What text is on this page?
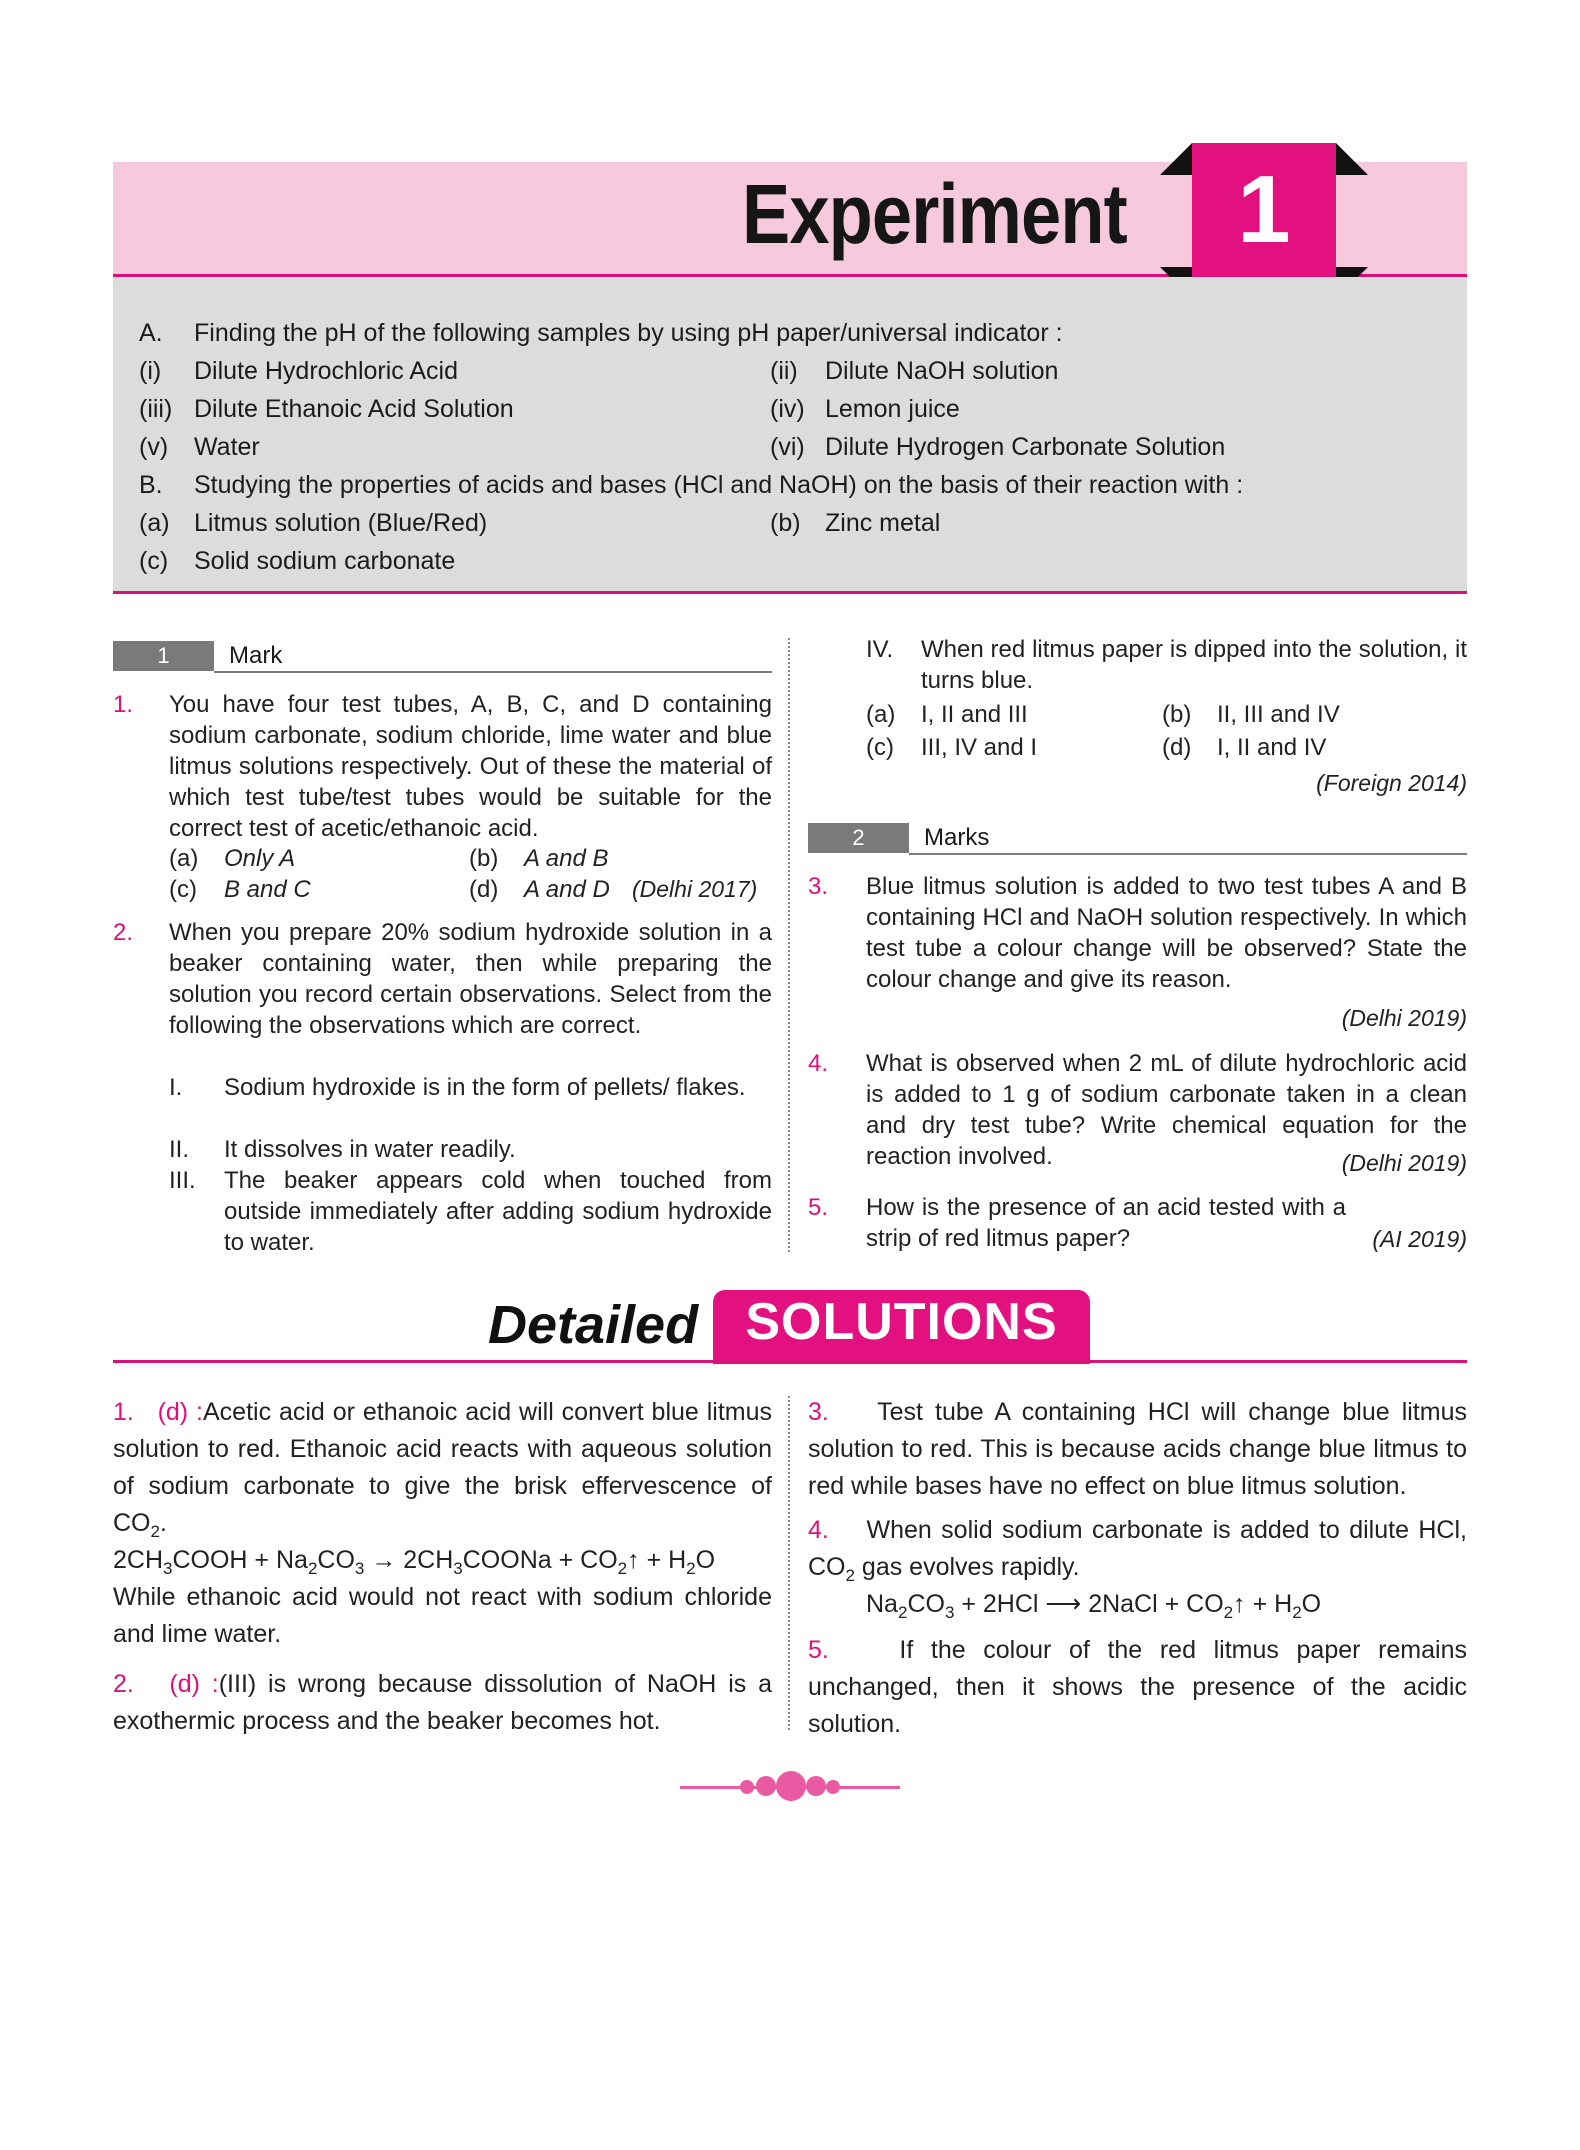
Experiment	1
A. Finding the pH of the following samples by using pH paper/universal indicator :
(i) Dilute Hydrochloric Acid	(ii) Dilute NaOH solution
(iii) Dilute Ethanoic Acid Solution	(iv) Lemon juice
(v) Water	(vi) Dilute Hydrogen Carbonate Solution
B. Studying the properties of acids and bases (HCl and NaOH) on the basis of their reaction with :
(a) Litmus solution (Blue/Red)	(b) Zinc metal
(c) Solid sodium carbonate
1	Mark
1. You have four test tubes, A, B, C, and D containing sodium carbonate, sodium chloride, lime water and blue litmus solutions respectively. Out of these the material of which test tube/test tubes would be suitable for the correct test of acetic/ethanoic acid.
(a) Only A	(b) A and B
(c) B and C	(d) A and D (Delhi 2017)
2. When you prepare 20% sodium hydroxide solution in a beaker containing water, then while preparing the solution you record certain observations. Select from the following the observations which are correct.
I. Sodium hydroxide is in the form of pellets/ flakes.
II. It dissolves in water readily.
III. The beaker appears cold when touched from outside immediately after adding sodium hydroxide to water.
IV. When red litmus paper is dipped into the solution, it turns blue.
(a) I, II and III	(b) II, III and IV
(c) III, IV and I	(d) I, II and IV
(Foreign 2014)
2	Marks
3. Blue litmus solution is added to two test tubes A and B containing HCl and NaOH solution respectively. In which test tube a colour change will be observed? State the colour change and give its reason.
(Delhi 2019)
4. What is observed when 2 mL of dilute hydrochloric acid is added to 1 g of sodium carbonate taken in a clean and dry test tube? Write chemical equation for the reaction involved.	(Delhi 2019)
5. How is the presence of an acid tested with a strip of red litmus paper?	(AI 2019)
Detailed SOLUTIONS
1. (d) :Acetic acid or ethanoic acid will convert blue litmus solution to red. Ethanoic acid reacts with aqueous solution of sodium carbonate to give the brisk effervescence of $CO_2$.
$2CH_3COOH + Na_2CO_3$ → $2CH_3COONa$ + $CO_2↑ + H_2O$
While ethanoic acid would not react with sodium chloride and lime water.
2. (d) :(III) is wrong because dissolution of NaOH is a exothermic process and the beaker becomes hot.
3. Test tube A containing HCl will change blue litmus solution to red. This is because acids change blue litmus to red while bases have no effect on blue litmus solution.
4. When solid sodium carbonate is added to dilute HCl, $CO_2$ gas evolves rapidly.
$Na_2CO_3 + 2HCl$ ⟶ 2NaCl + $CO_2↑ + H_2O$
5.	If the colour of the red litmus paper remains unchanged, then it shows the presence of the acidic solution.
